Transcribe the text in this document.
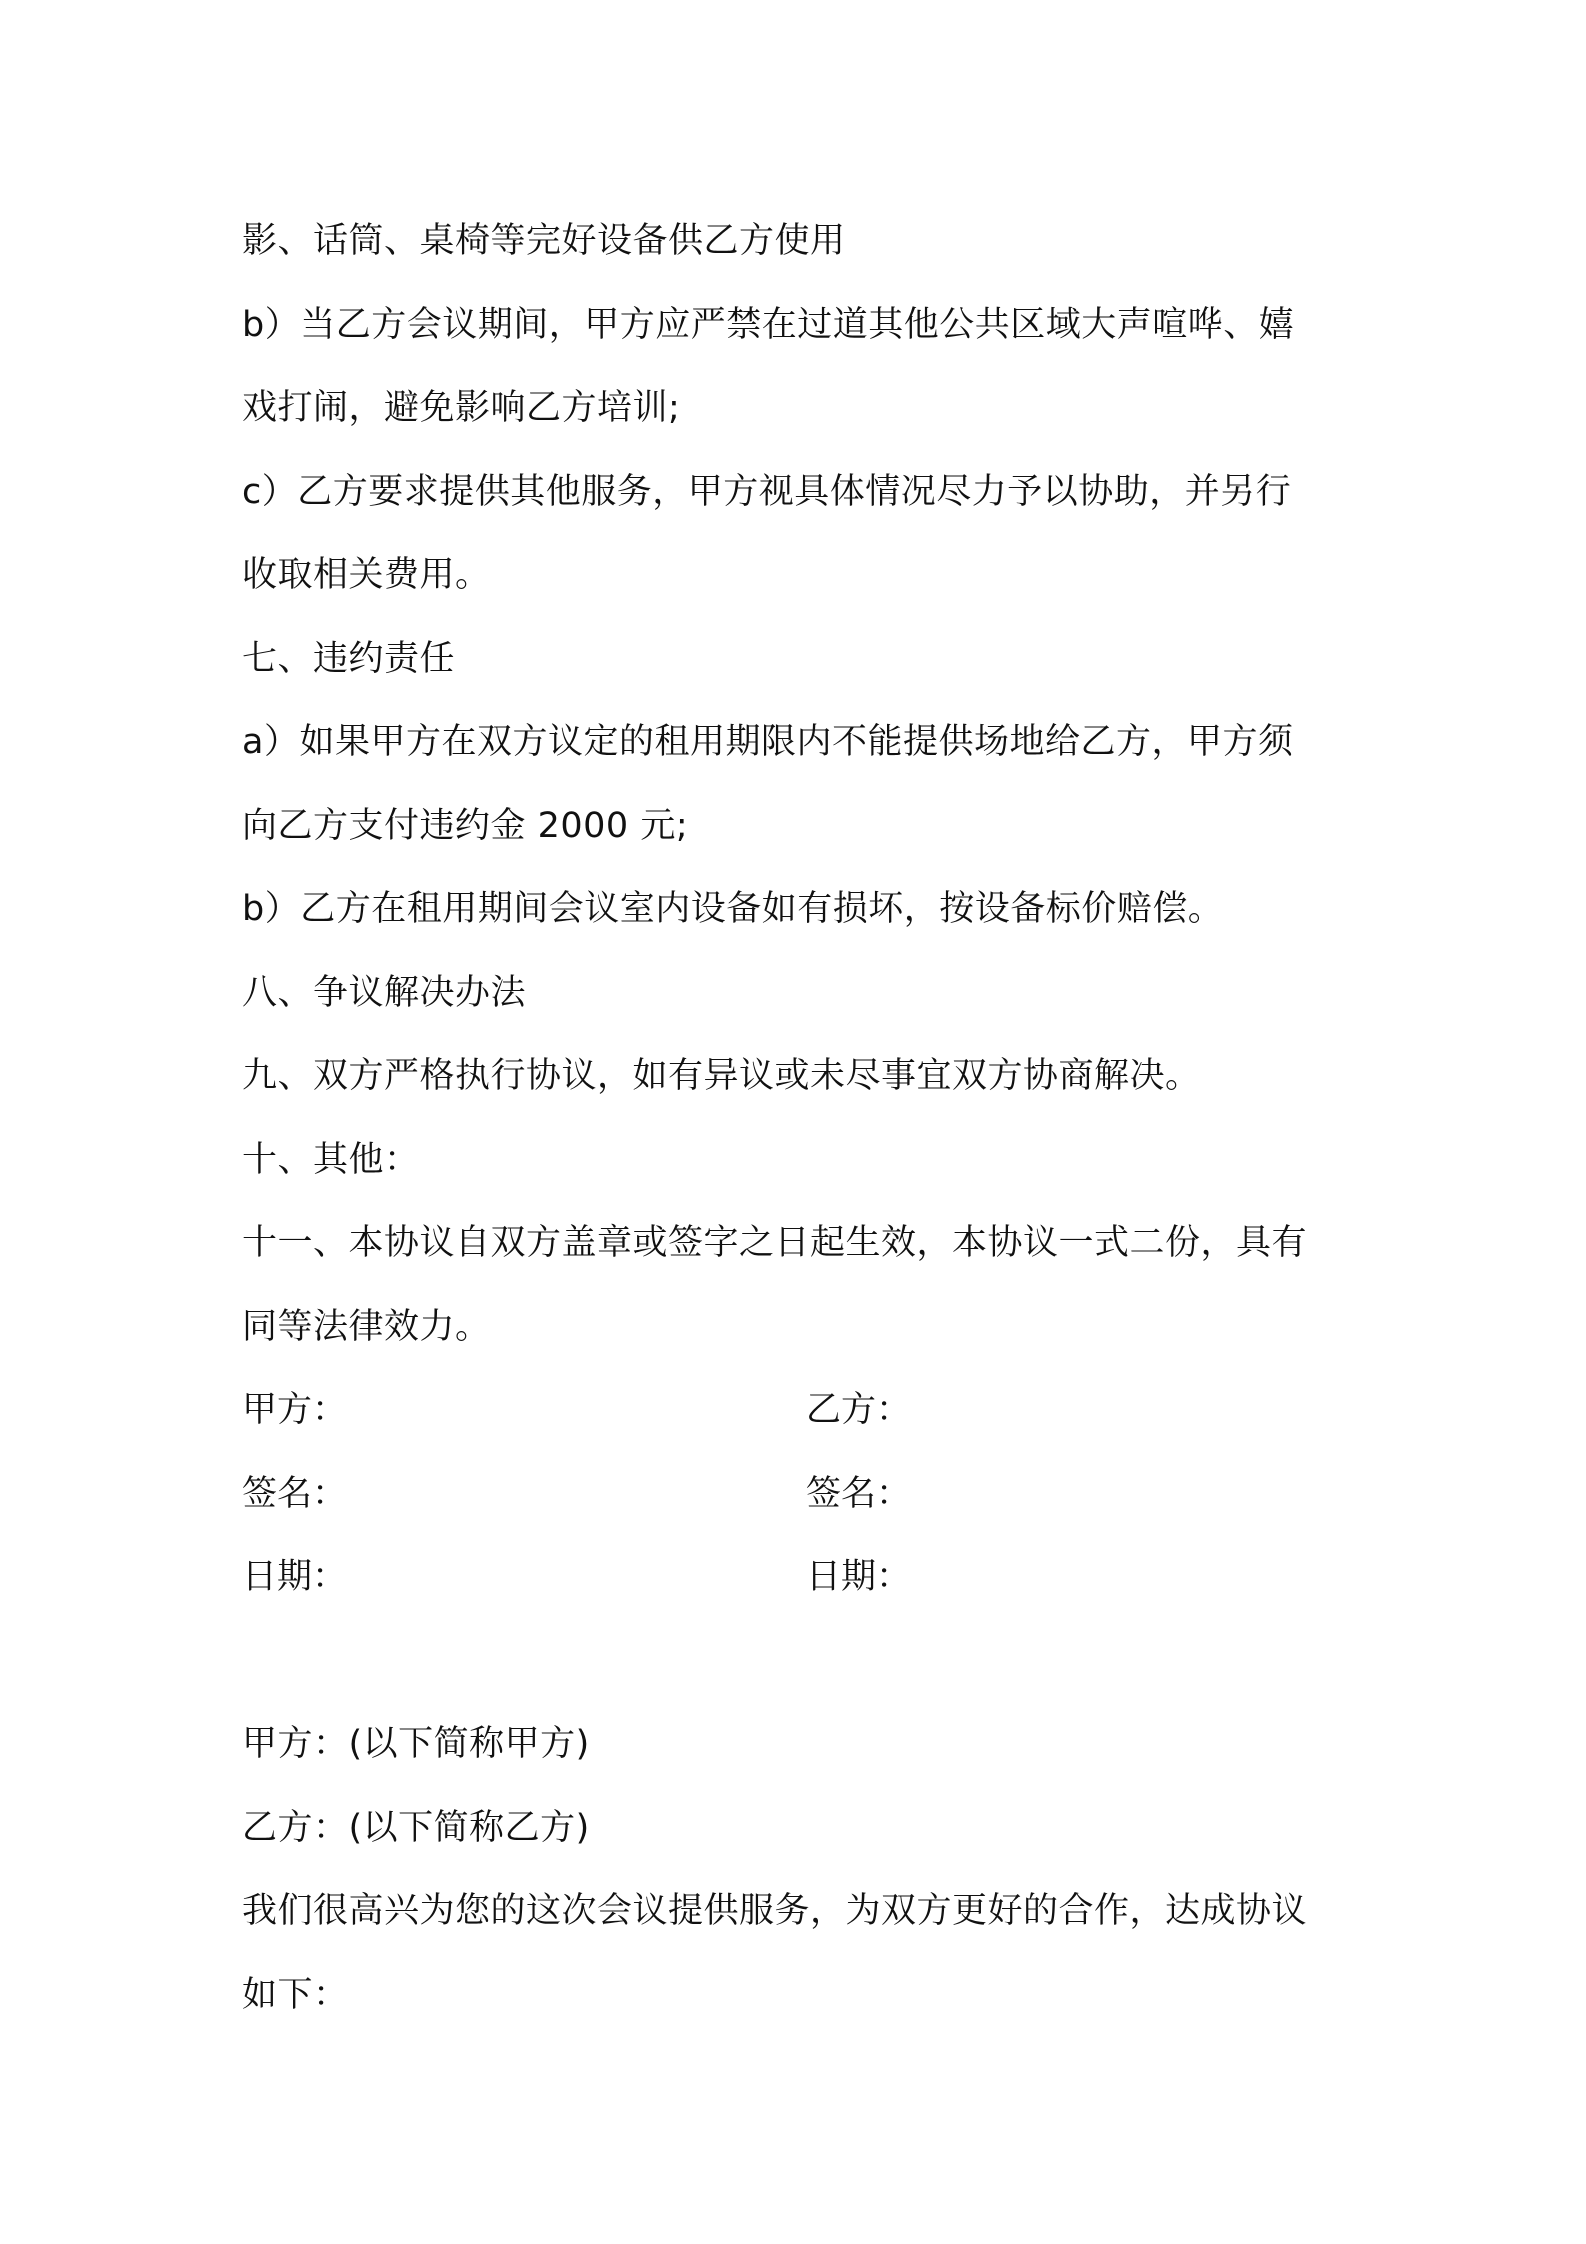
影、话筒、桌椅等完好设备供乙方使用
b）当乙方会议期间，甲方应严禁在过道其他公共区域大声喧哗、嬉
戏打闹，避免影响乙方培训;
c）乙方要求提供其他服务，甲方视具体情况尽力予以协助，并另行
收取相关费用。
七、违约责任
a）如果甲方在双方议定的租用期限内不能提供场地给乙方，甲方须
向乙方支付违约金 2000 元;
b）乙方在租用期间会议室内设备如有损坏，按设备标价赔偿。
八、争议解决办法
九、双方严格执行协议，如有异议或未尽事宜双方协商解决。
十、其他：
十一、本协议自双方盖章或签字之日起生效，本协议一式二份，具有
同等法律效力。
甲方：	乙方：
签名：	签名：
日期：	日期：
甲方：(以下简称甲方)
乙方：(以下简称乙方)
我们很高兴为您的这次会议提供服务，为双方更好的合作，达成协议
如下：
